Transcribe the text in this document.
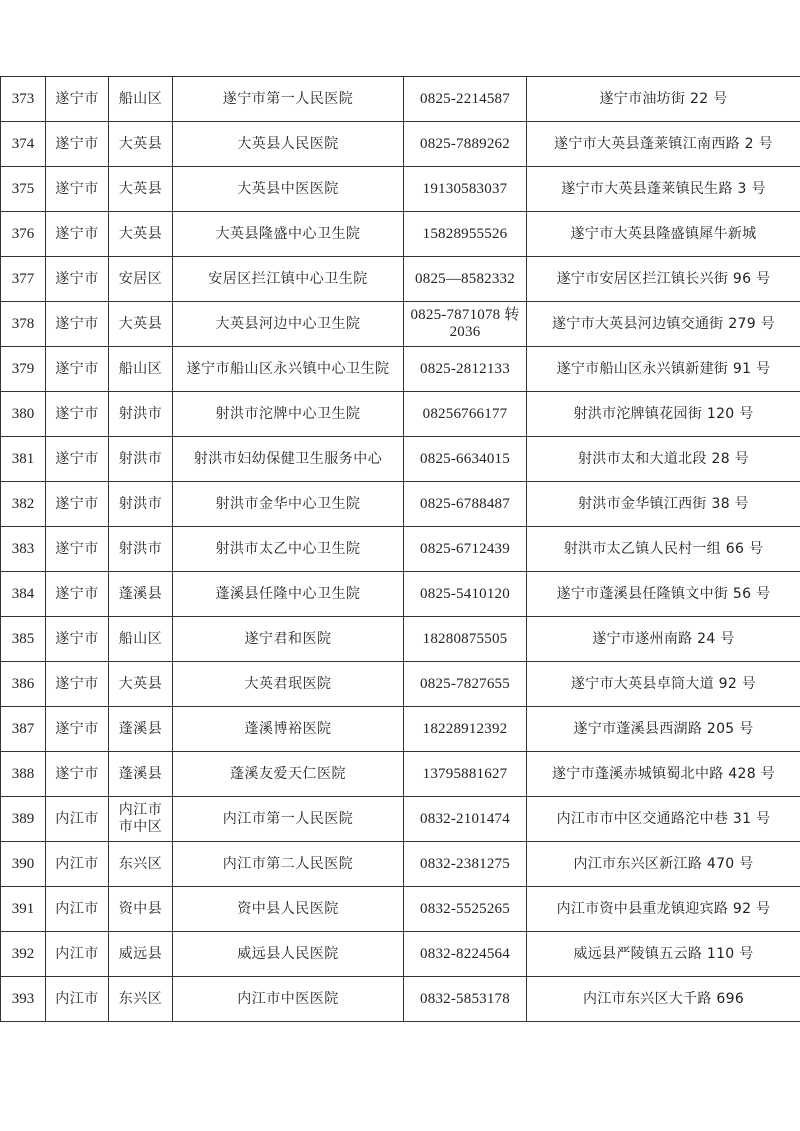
373	遂宁市	船山区	遂宁市第一人民医院	0825-2214587	遂宁市油坊街 22 号
374	遂宁市	大英县	大英县人民医院	0825-7889262	遂宁市大英县蓬莱镇江南西路 2 号
375	遂宁市	大英县	大英县中医医院	19130583037	遂宁市大英县蓬莱镇民生路 3 号
376	遂宁市	大英县	大英县隆盛中心卫生院	15828955526	遂宁市大英县隆盛镇犀牛新城
377	遂宁市	安居区	安居区拦江镇中心卫生院	0825—8582332	遂宁市安居区拦江镇长兴街 96 号
378	遂宁市	大英县	大英县河边中心卫生院	0825-7871078 转 2036	遂宁市大英县河边镇交通街 279 号
379	遂宁市	船山区	遂宁市船山区永兴镇中心卫生院	0825-2812133	遂宁市船山区永兴镇新建街 91 号
380	遂宁市	射洪市	射洪市沱牌中心卫生院	08256766177	射洪市沱牌镇花园街 120 号
381	遂宁市	射洪市	射洪市妇幼保健卫生服务中心	0825-6634015	射洪市太和大道北段 28 号
382	遂宁市	射洪市	射洪市金华中心卫生院	0825-6788487	射洪市金华镇江西街 38 号
383	遂宁市	射洪市	射洪市太乙中心卫生院	0825-6712439	射洪市太乙镇人民村一组 66 号
384	遂宁市	蓬溪县	蓬溪县任隆中心卫生院	0825-5410120	遂宁市蓬溪县任隆镇文中街 56 号
385	遂宁市	船山区	遂宁君和医院	18280875505	遂宁市遂州南路 24 号
386	遂宁市	大英县	大英君珉医院	0825-7827655	遂宁市大英县卓筒大道 92 号
387	遂宁市	蓬溪县	蓬溪博裕医院	18228912392	遂宁市蓬溪县西湖路 205 号
388	遂宁市	蓬溪县	蓬溪友爱天仁医院	13795881627	遂宁市蓬溪赤城镇蜀北中路 428 号
389	内江市	内江市市中区	内江市第一人民医院	0832-2101474	内江市市中区交通路沱中巷 31 号
390	内江市	东兴区	内江市第二人民医院	0832-2381275	内江市东兴区新江路 470 号
391	内江市	资中县	资中县人民医院	0832-5525265	内江市资中县重龙镇迎宾路 92 号
392	内江市	威远县	威远县人民医院	0832-8224564	威远县严陵镇五云路 110 号
393	内江市	东兴区	内江市中医医院	0832-5853178	内江市东兴区大千路 696
